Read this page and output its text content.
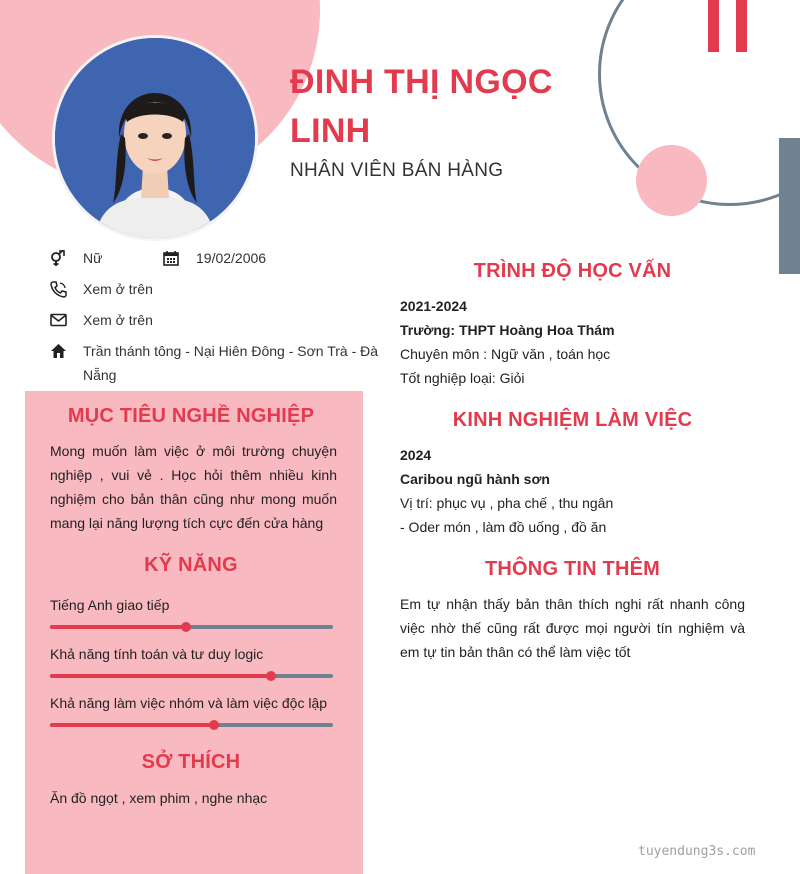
ĐINH THỊ NGỌC
LINH
NHÂN VIÊN BÁN HÀNG
Nữ	19/02/2006
Xem ở trên
Xem ở trên
Trần thánh tông - Nại Hiên Đông - Sơn Trà - Đà Nẵng
MỤC TIÊU NGHỀ NGHIỆP
Mong muốn làm việc ở môi trường chuyện nghiệp , vui vẻ . Học hỏi thêm nhiều kinh nghiệm cho bản thân cũng như mong muốn mang lại năng lượng tích cực đến cửa hàng
KỸ NĂNG
Tiếng Anh giao tiếp
Khả năng tính toán và tư duy logic
Khả năng làm việc nhóm và làm việc độc lập
SỞ THÍCH
Ăn đồ ngọt , xem phim , nghe nhạc
TRÌNH ĐỘ HỌC VẤN
2021-2024
Trường: THPT Hoàng Hoa Thám
Chuyên môn : Ngữ văn , toán học
Tốt nghiệp loại: Giỏi
KINH NGHIỆM LÀM VIỆC
2024
Caribou ngũ hành sơn
Vị trí: phục vụ , pha chế , thu ngân
- Oder món , làm đồ uống , đồ ăn
THÔNG TIN THÊM
Em tự nhận thấy bản thân thích nghi rất nhanh công việc nhờ thế cũng rất được mọi người tín nghiệm và em tự tin bản thân có thể làm việc tốt
tuyendung3s.com
